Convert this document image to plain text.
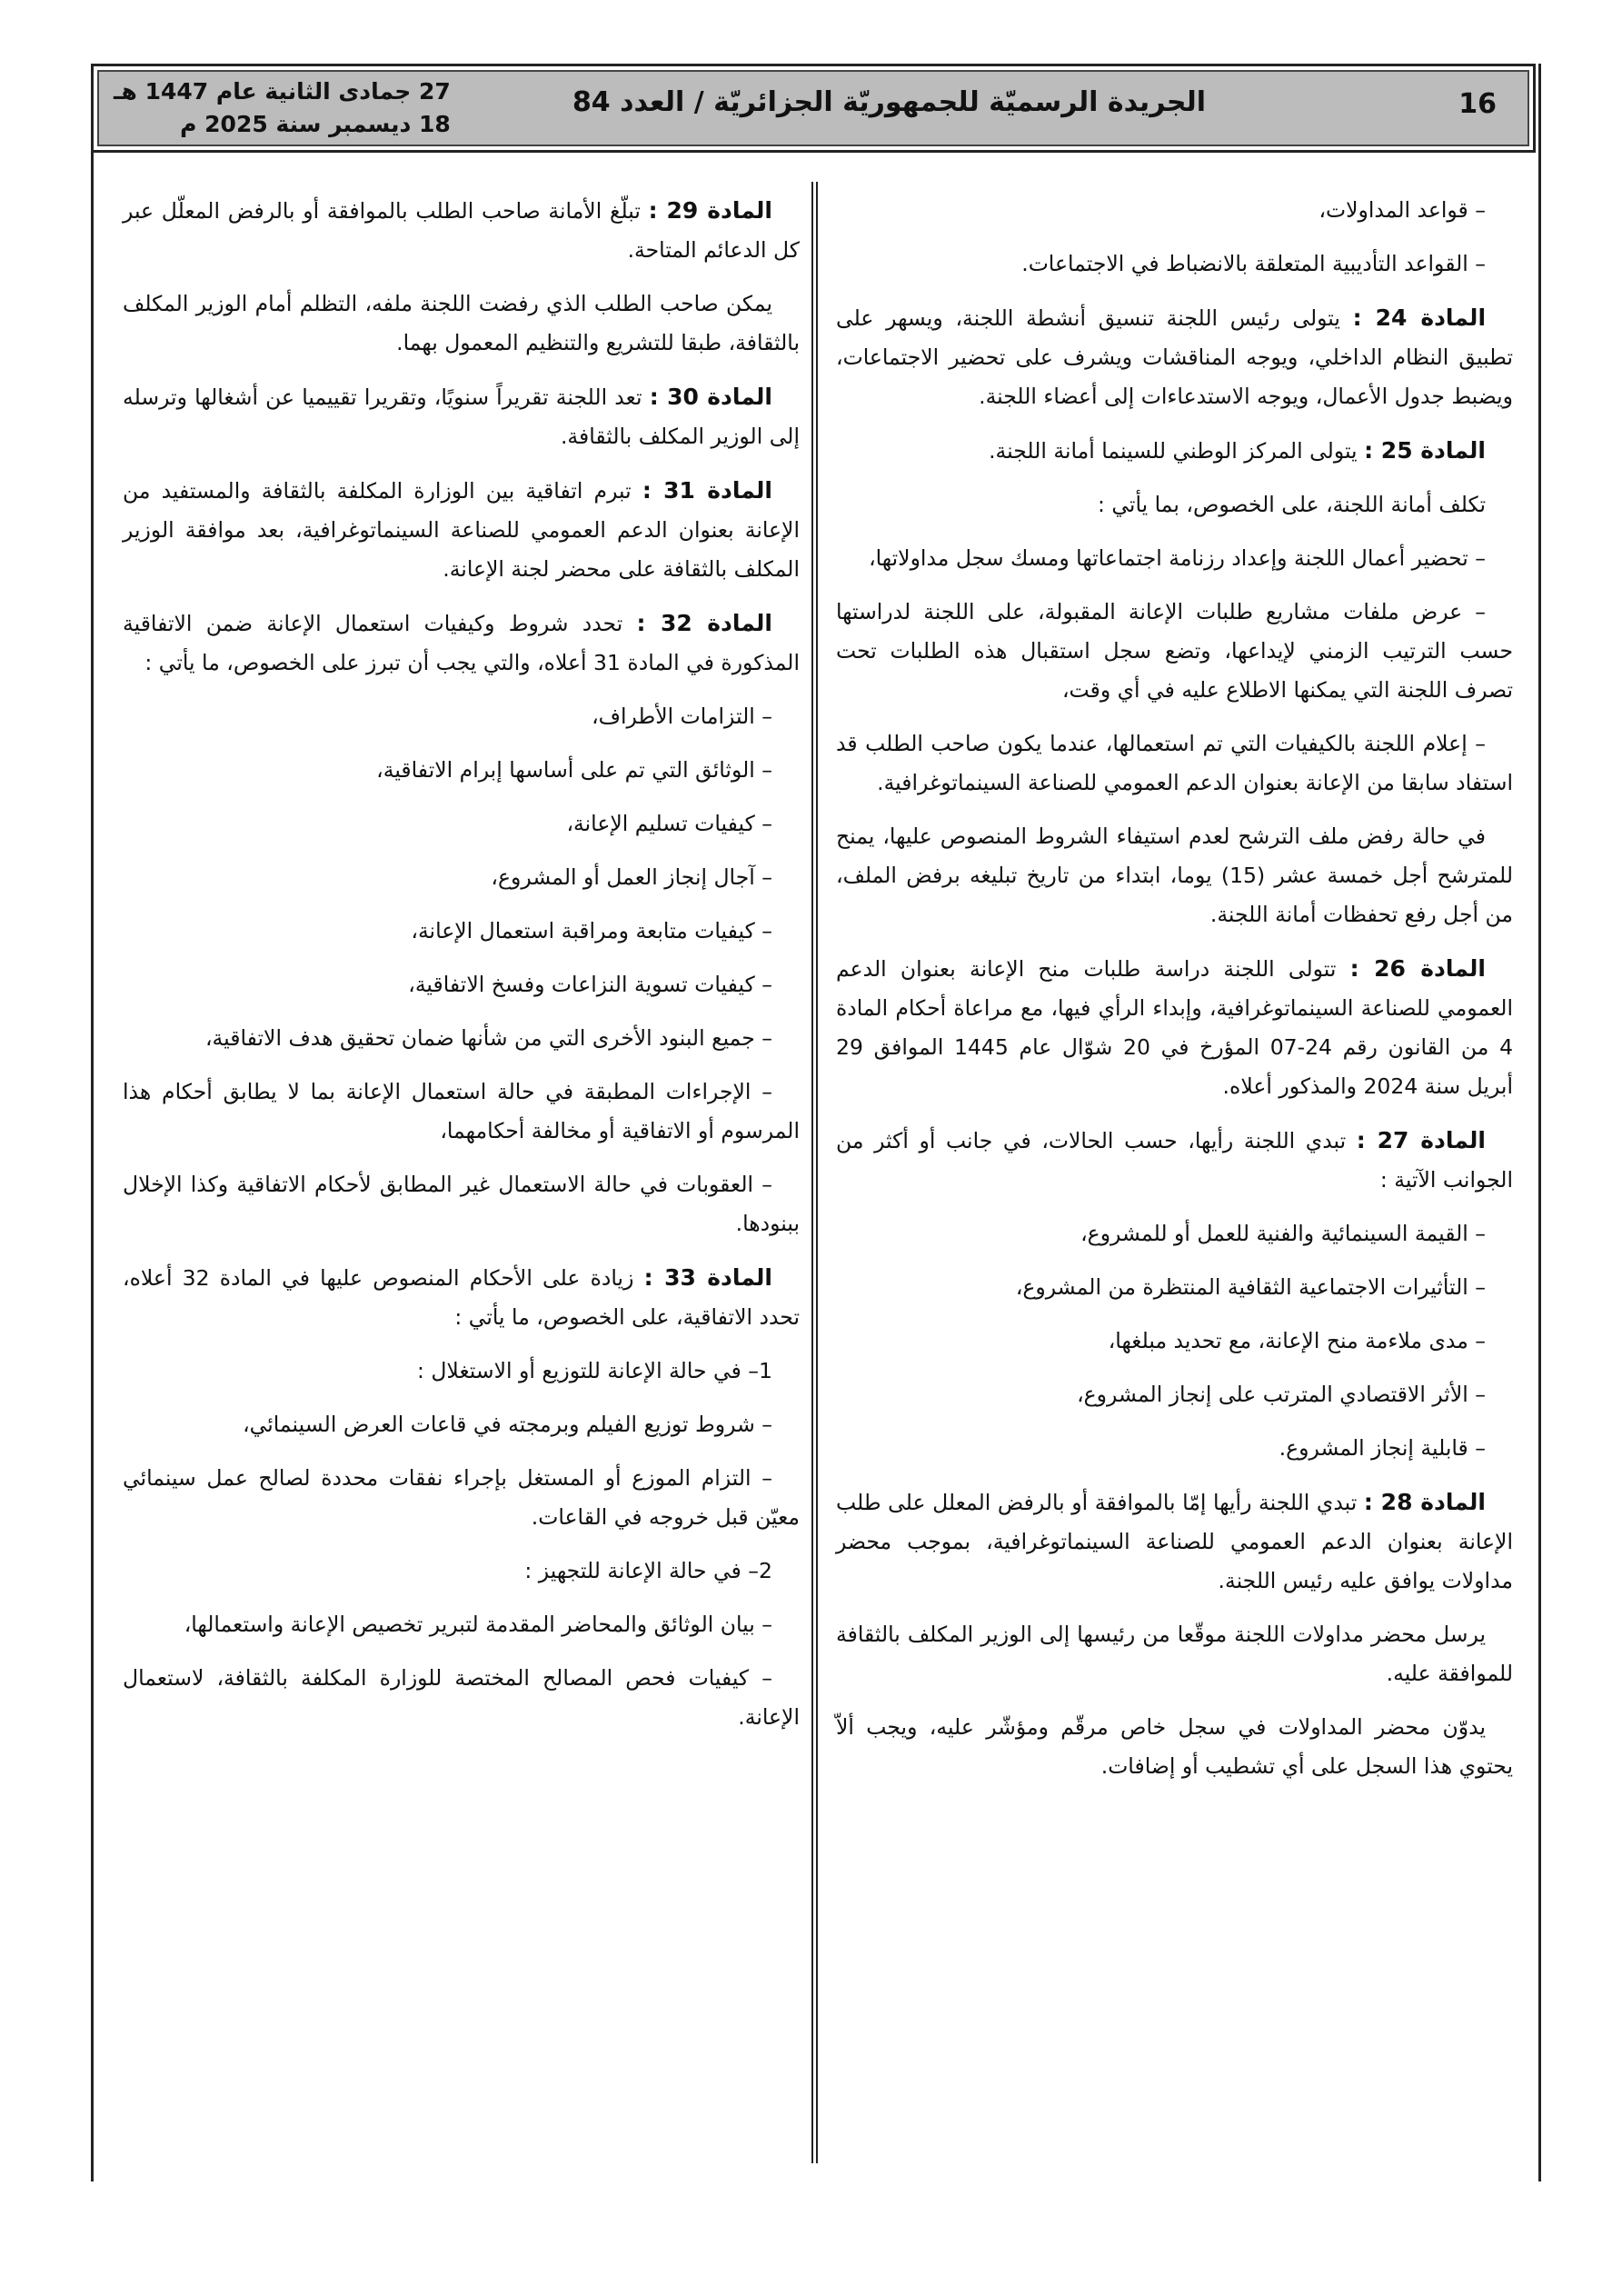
16
الجريدة الرسميّة للجمهوريّة الجزائريّة / العدد 84
27 جمادى الثانية عام 1447 هـ
18 ديسمبر سنة 2025 م

– قواعد المداولات،

– القواعد التأديبية المتعلقة بالانضباط في الاجتماعات.

المادة 24 : يتولى رئيس اللجنة تنسيق أنشطة اللجنة، ويسهر على تطبيق النظام الداخلي، ويوجه المناقشات ويشرف على تحضير الاجتماعات، ويضبط جدول الأعمال، ويوجه الاستدعاءات إلى أعضاء اللجنة.

المادة 25 : يتولى المركز الوطني للسينما أمانة اللجنة.

تكلف أمانة اللجنة، على الخصوص، بما يأتي :

– تحضير أعمال اللجنة وإعداد رزنامة اجتماعاتها ومسك سجل مداولاتها،

– عرض ملفات مشاريع طلبات الإعانة المقبولة، على اللجنة لدراستها حسب الترتيب الزمني لإيداعها، وتضع سجل استقبال هذه الطلبات تحت تصرف اللجنة التي يمكنها الاطلاع عليه في أي وقت،

– إعلام اللجنة بالكيفيات التي تم استعمالها، عندما يكون صاحب الطلب قد استفاد سابقا من الإعانة بعنوان الدعم العمومي للصناعة السينماتوغرافية.

في حالة رفض ملف الترشح لعدم استيفاء الشروط المنصوص عليها، يمنح للمترشح أجل خمسة عشر (15) يوما، ابتداء من تاريخ تبليغه برفض الملف، من أجل رفع تحفظات أمانة اللجنة.

المادة 26 : تتولى اللجنة دراسة طلبات منح الإعانة بعنوان الدعم العمومي للصناعة السينماتوغرافية، وإبداء الرأي فيها، مع مراعاة أحكام المادة 4 من القانون رقم 24-07 المؤرخ في 20 شوّال عام 1445 الموافق 29 أبريل سنة 2024 والمذكور أعلاه.

المادة 27 : تبدي اللجنة رأيها، حسب الحالات، في جانب أو أكثر من الجوانب الآتية :

– القيمة السينمائية والفنية للعمل أو للمشروع،

– التأثيرات الاجتماعية الثقافية المنتظرة من المشروع،

– مدى ملاءمة منح الإعانة، مع تحديد مبلغها،

– الأثر الاقتصادي المترتب على إنجاز المشروع،

– قابلية إنجاز المشروع.

المادة 28 : تبدي اللجنة رأيها إمّا بالموافقة أو بالرفض المعلل على طلب الإعانة بعنوان الدعم العمومي للصناعة السينماتوغرافية، بموجب محضر مداولات يوافق عليه رئيس اللجنة.

يرسل محضر مداولات اللجنة موقّعا من رئيسها إلى الوزير المكلف بالثقافة للموافقة عليه.

يدوّن محضر المداولات في سجل خاص مرقّم ومؤشّر عليه، ويجب ألاّ يحتوي هذا السجل على أي تشطيب أو إضافات.

المادة 29 : تبلّغ الأمانة صاحب الطلب بالموافقة أو بالرفض المعلّل عبر كل الدعائم المتاحة.

يمكن صاحب الطلب الذي رفضت اللجنة ملفه، التظلم أمام الوزير المكلف بالثقافة، طبقا للتشريع والتنظيم المعمول بهما.

المادة 30 : تعد اللجنة تقريراً سنويًا، وتقريرا تقييميا عن أشغالها وترسله إلى الوزير المكلف بالثقافة.

المادة 31 : تبرم اتفاقية بين الوزارة المكلفة بالثقافة والمستفيد من الإعانة بعنوان الدعم العمومي للصناعة السينماتوغرافية، بعد موافقة الوزير المكلف بالثقافة على محضر لجنة الإعانة.

المادة 32 : تحدد شروط وكيفيات استعمال الإعانة ضمن الاتفاقية المذكورة في المادة 31 أعلاه، والتي يجب أن تبرز على الخصوص، ما يأتي :

– التزامات الأطراف،

– الوثائق التي تم على أساسها إبرام الاتفاقية،

– كيفيات تسليم الإعانة،

– آجال إنجاز العمل أو المشروع،

– كيفيات متابعة ومراقبة استعمال الإعانة،

– كيفيات تسوية النزاعات وفسخ الاتفاقية،

– جميع البنود الأخرى التي من شأنها ضمان تحقيق هدف الاتفاقية،

– الإجراءات المطبقة في حالة استعمال الإعانة بما لا يطابق أحكام هذا المرسوم أو الاتفاقية أو مخالفة أحكامهما،

– العقوبات في حالة الاستعمال غير المطابق لأحكام الاتفاقية وكذا الإخلال ببنودها.

المادة 33 : زيادة على الأحكام المنصوص عليها في المادة 32 أعلاه، تحدد الاتفاقية، على الخصوص، ما يأتي :

1– في حالة الإعانة للتوزيع أو الاستغلال :

– شروط توزيع الفيلم وبرمجته في قاعات العرض السينمائي،

– التزام الموزع أو المستغل بإجراء نفقات محددة لصالح عمل سينمائي معيّن قبل خروجه في القاعات.

2– في حالة الإعانة للتجهيز :

– بيان الوثائق والمحاضر المقدمة لتبرير تخصيص الإعانة واستعمالها،

– كيفيات فحص المصالح المختصة للوزارة المكلفة بالثقافة، لاستعمال الإعانة.
